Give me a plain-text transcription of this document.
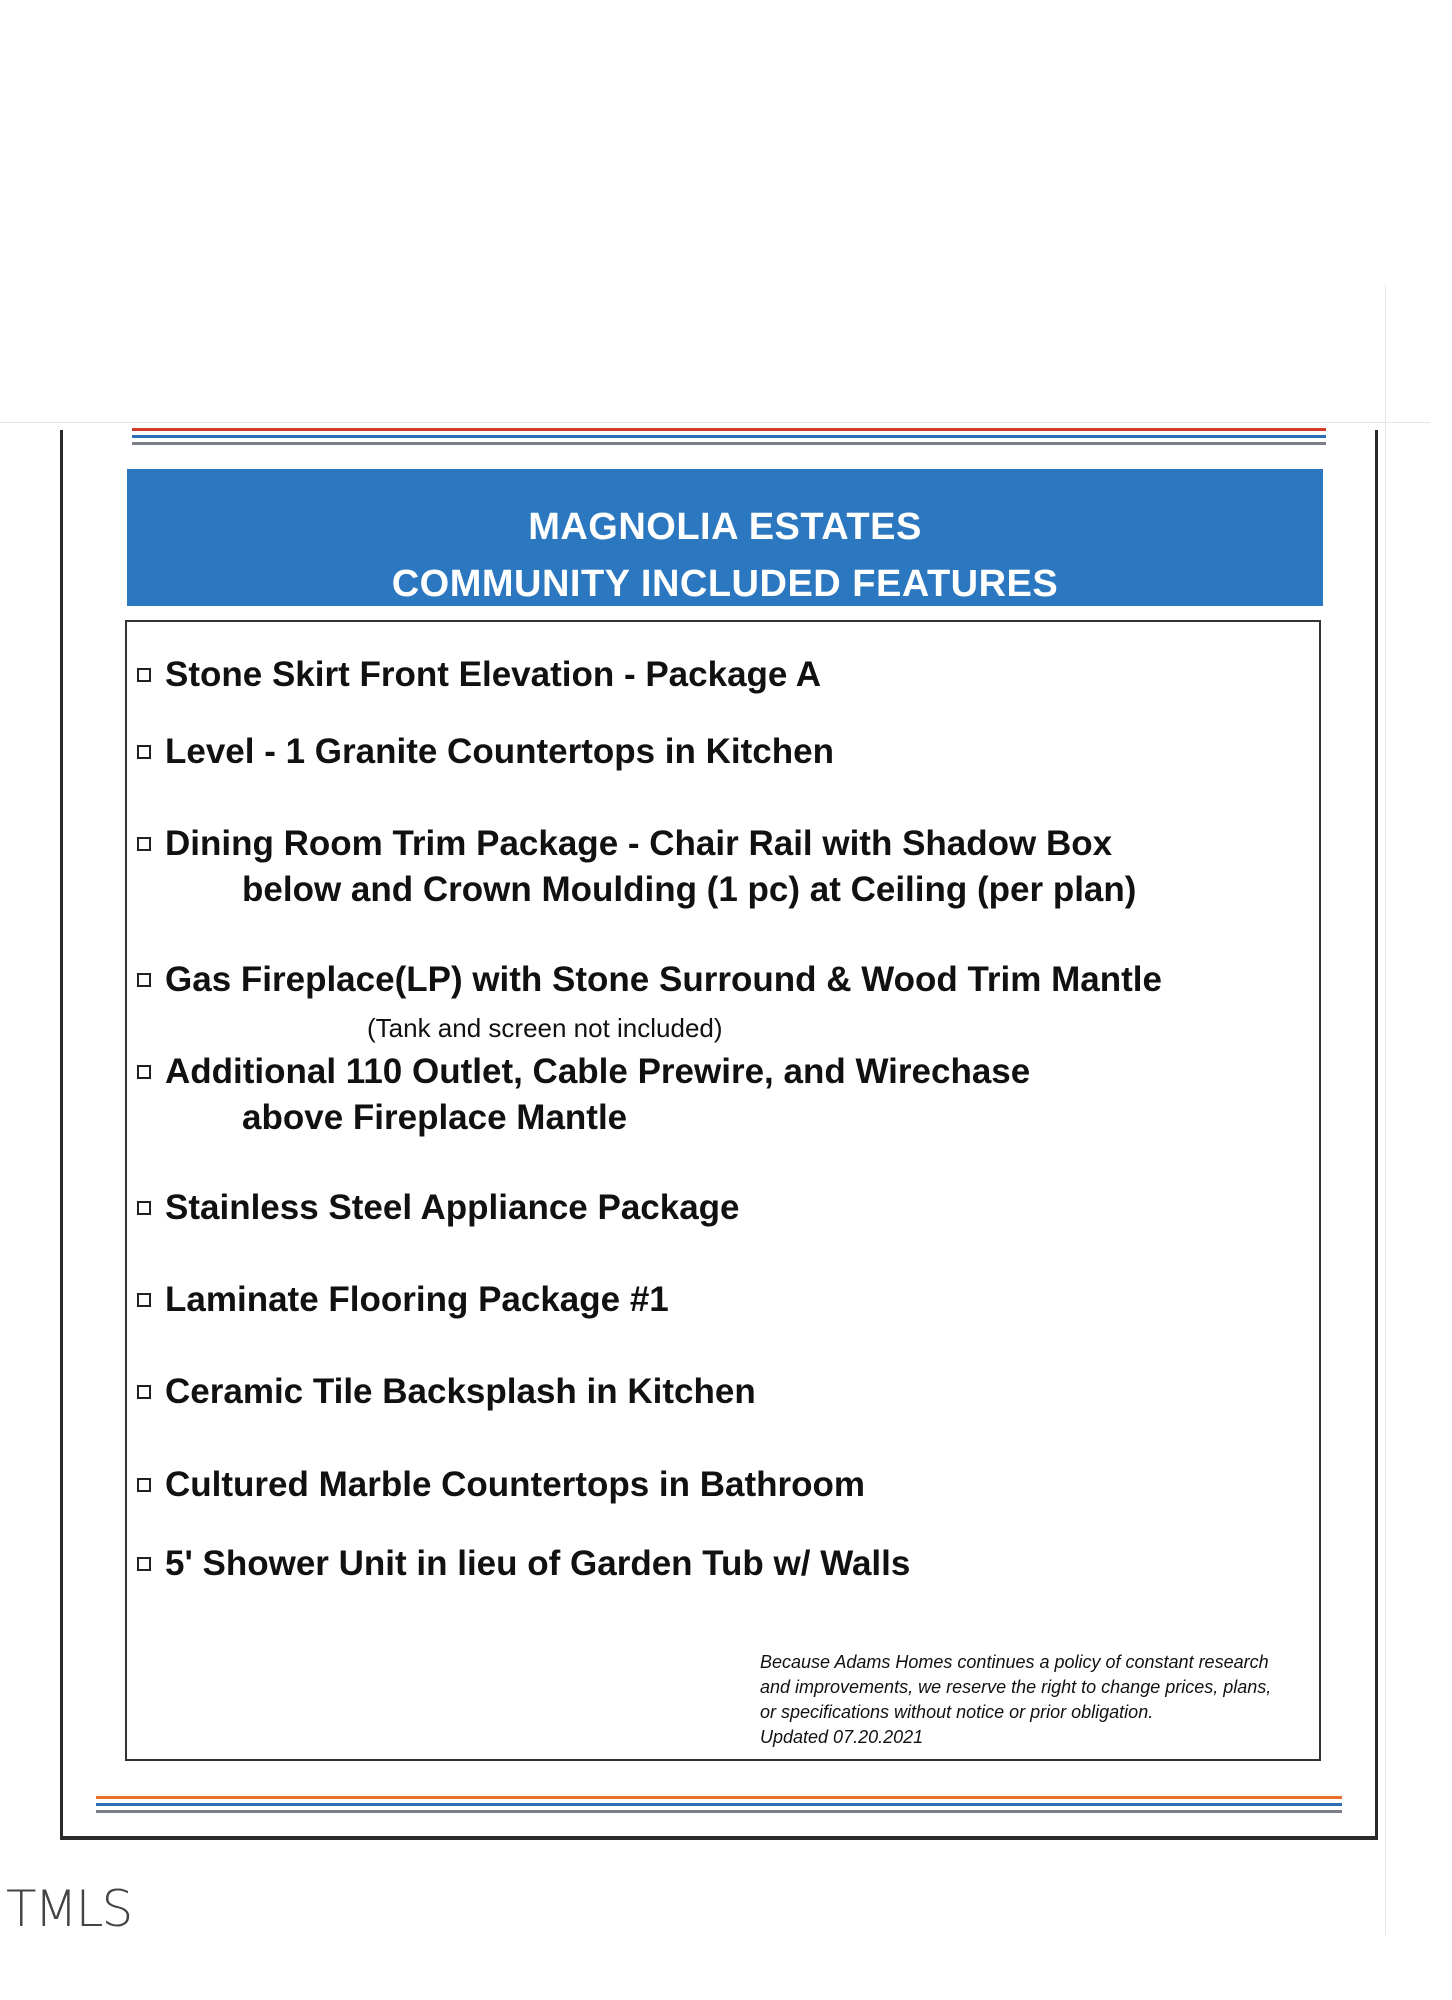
MAGNOLIA ESTATES
COMMUNITY INCLUDED FEATURES
Stone Skirt Front Elevation - Package A
Level - 1 Granite Countertops in Kitchen
Dining Room Trim Package - Chair Rail with Shadow Box
below and Crown Moulding (1 pc) at Ceiling (per plan)
Gas Fireplace(LP) with Stone Surround & Wood Trim Mantle
(Tank and screen not included)
Additional 110 Outlet, Cable Prewire, and Wirechase
above Fireplace Mantle
Stainless Steel Appliance Package
Laminate Flooring Package #1
Ceramic Tile Backsplash in Kitchen
Cultured Marble Countertops in Bathroom
5' Shower Unit in lieu of Garden Tub w/ Walls
Because Adams Homes continues a policy of constant research
and improvements, we reserve the right to change prices, plans,
or specifications without notice or prior obligation.
Updated 07.20.2021
TMLS
